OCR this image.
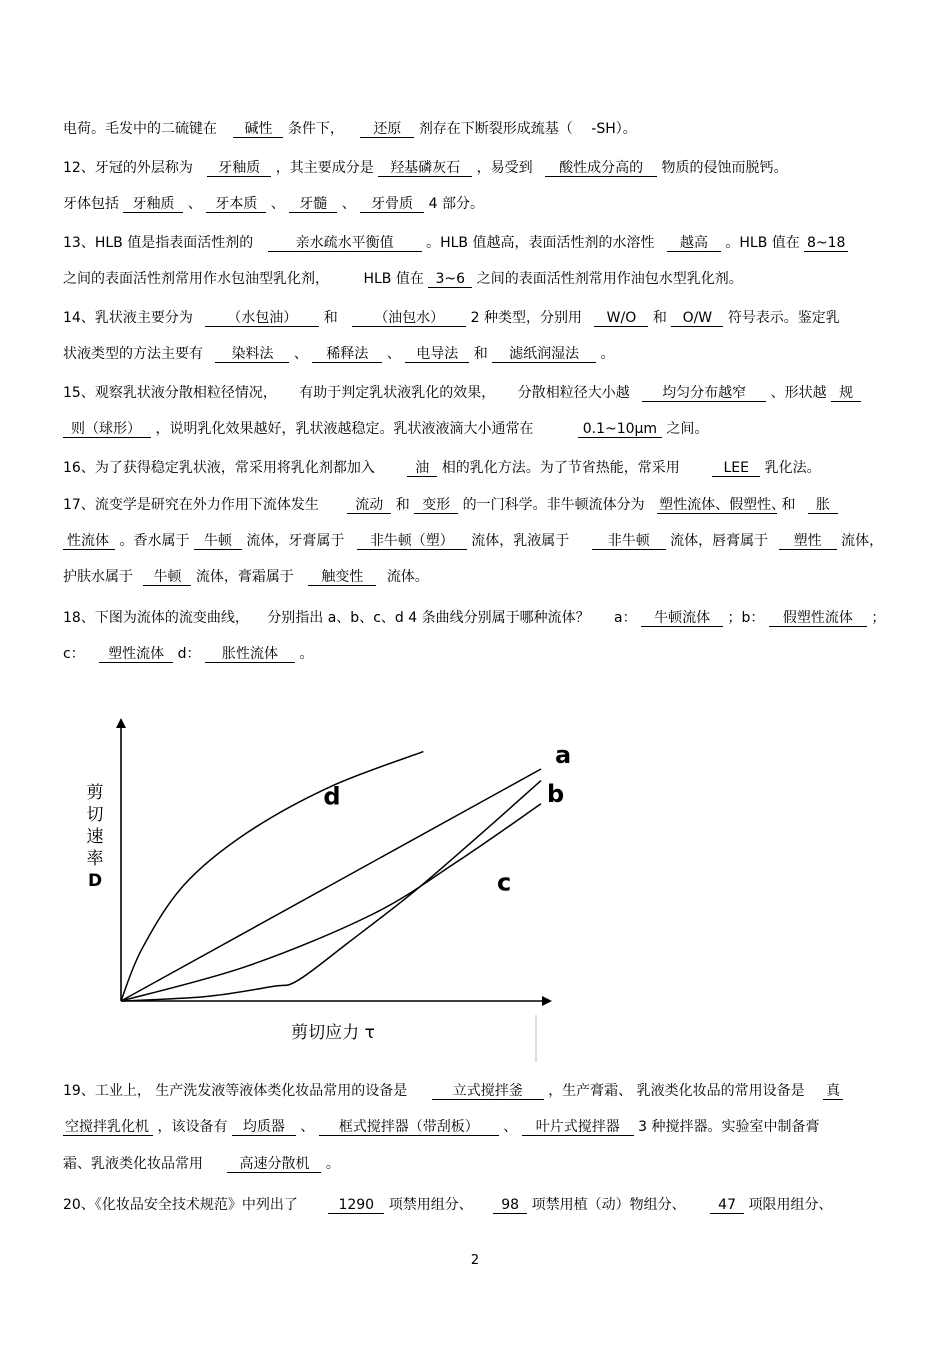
电荷。毛发中的二硫键在 碱性 条件下， 还原 剂存在下断裂形成巯基（ -SH）。
12、牙冠的外层称为 牙釉质 ，其主要成分是 羟基磷灰石 ，易受到 酸性成分高的 物质的侵蚀而脱钙。
牙体包括 牙釉质 、 牙本质 、 牙髓 、 牙骨质 4 部分。
13、HLB 值是指表面活性剂的	亲水疏水平衡值 。HLB 值越高，表面活性剂的水溶性 越高 。HLB 值在 8~18
之间的表面活性剂常用作水包油型乳化剂， HLB 值在 3~6 之间的表面活性剂常用作油包水型乳化剂。
14、乳状液主要分为 （水包油） 和	（油包水） 2 种类型，分别用 W/O 和 O/W 符号表示。鉴定乳
状液类型的方法主要有 染料法 、 稀释法 、 电导法 和 滤纸润湿法 。
15、观察乳状液分散相粒径情况， 有助于判定乳状液乳化的效果， 分散相粒径大小越 均匀分布越窄 、形状越 规
则（球形） ，说明乳化效果越好，乳状液越稳定。乳状液液滴大小通常在	0.1~10μm 之间。
16、为了获得稳定乳状液，常采用将乳化剂都加入	油 相的乳化方法。为了节省热能，常采用	LEE 乳化法。
17、流变学是研究在外力作用下流体发生	流动 和 变形 的一门科学。非牛顿流体分为 塑性流体、假塑性、 和 胀
性流体 。香水属于 牛顿 流体，牙膏属于 非牛顿（塑） 流体，乳液属于	非牛顿 流体，唇膏属于 塑性 流体，
护肤水属于 牛顿 流体，膏霜属于 触变性 流体。
18、下图为流体的流变曲线， 分别指出 a、b、c、d 4 条曲线分别属于哪种流体？ a： 牛顿流体 ；b： 假塑性流体 ；
c： 塑性流体 d： 胀性流体 。
a
b
c
d
剪
切
速
率
D
剪切应力 τ
19、工业上， 生产洗发液等液体类化妆品常用的设备是	立式搅拌釜 ，生产膏霜、 乳液类化妆品的常用设备是 真
空搅拌乳化机 ，该设备有 均质器 、 框式搅拌器（带刮板） 、 叶片式搅拌器 3 种搅拌器。实验室中制备膏
霜、乳液类化妆品常用	高速分散机 。
20、《化妆品安全技术规范》中列出了	1290 项禁用组分、 98 项禁用植（动）物组分、 47 项限用组分、
2
